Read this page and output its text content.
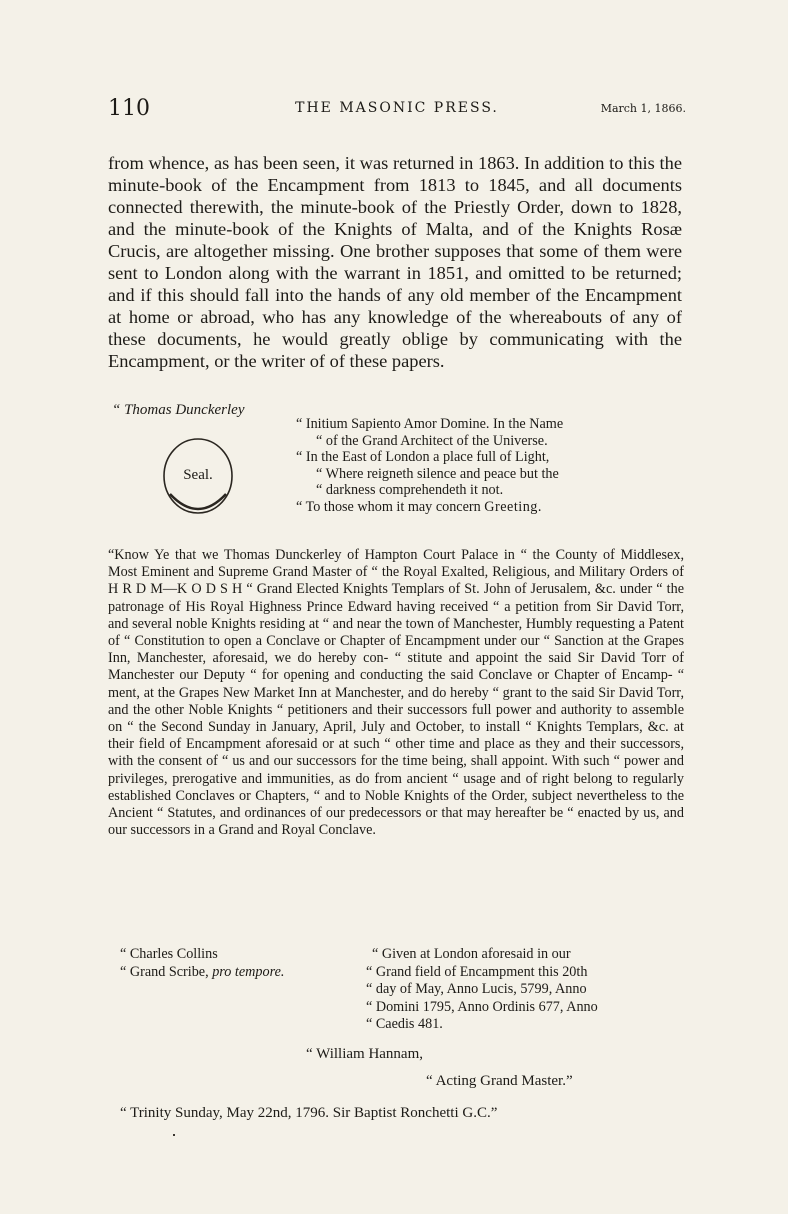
110	THE MASONIC PRESS.	March 1, 1866.

from whence, as has been seen, it was returned in 1863. In addition to this the minute-book of the Encampment from 1813 to 1845, and all documents connected therewith, the minute-book of the Priestly Order, down to 1828, and the minute-book of the Knights of Malta, and of the Knights Rosæ Crucis, are altogether missing. One brother supposes that some of them were sent to London along with the warrant in 1851, and omitted to be returned; and if this should fall into the hands of any old member of the Encampment at home or abroad, who has any knowledge of the whereabouts of any of these documents, he would greatly oblige by communicating with the Encampment, or the writer of of these papers.

“ Thomas Dunckerley
Seal.
“ Initium Sapiento Amor Domine. In the Name
“ of the Grand Architect of the Universe.
“ In the East of London a place full of Light,
“ Where reigneth silence and peace but the
“ darkness comprehendeth it not.
“ To those whom it may concern Greeting.

“Know Ye that we Thomas Dunckerley of Hampton Court Palace in “ the County of Middlesex, Most Eminent and Supreme Grand Master of “ the Royal Exalted, Religious, and Military Orders of H R D M—K O D S H “ Grand Elected Knights Templars of St. John of Jerusalem, &c. under “ the patronage of His Royal Highness Prince Edward having received “ a petition from Sir David Torr, and several noble Knights residing at “ and near the town of Manchester, Humbly requesting a Patent of “ Constitution to open a Conclave or Chapter of Encampment under our “ Sanction at the Grapes Inn, Manchester, aforesaid, we do hereby con- “ stitute and appoint the said Sir David Torr of Manchester our Deputy “ for opening and conducting the said Conclave or Chapter of Encamp- “ ment, at the Grapes New Market Inn at Manchester, and do hereby “ grant to the said Sir David Torr, and the other Noble Knights “ petitioners and their successors full power and authority to assemble on “ the Second Sunday in January, April, July and October, to install “ Knights Templars, &c. at their field of Encampment aforesaid or at such “ other time and place as they and their successors, with the consent of “ us and our successors for the time being, shall appoint. With such “ power and privileges, prerogative and immunities, as do from ancient “ usage and of right belong to regularly established Conclaves or Chapters, “ and to Noble Knights of the Order, subject nevertheless to the Ancient “ Statutes, and ordinances of our predecessors or that may hereafter be “ enacted by us, and our successors in a Grand and Royal Conclave.

“ Charles Collins
“ Grand Scribe, pro tempore.
“ Given at London aforesaid in our
“ Grand field of Encampment this 20th
“ day of May, Anno Lucis, 5799, Anno
“ Domini 1795, Anno Ordinis 677, Anno
“ Caedis 481.
“ William Hannam,
“ Acting Grand Master.”
“ Trinity Sunday, May 22nd, 1796. Sir Baptist Ronchetti G.C.”
